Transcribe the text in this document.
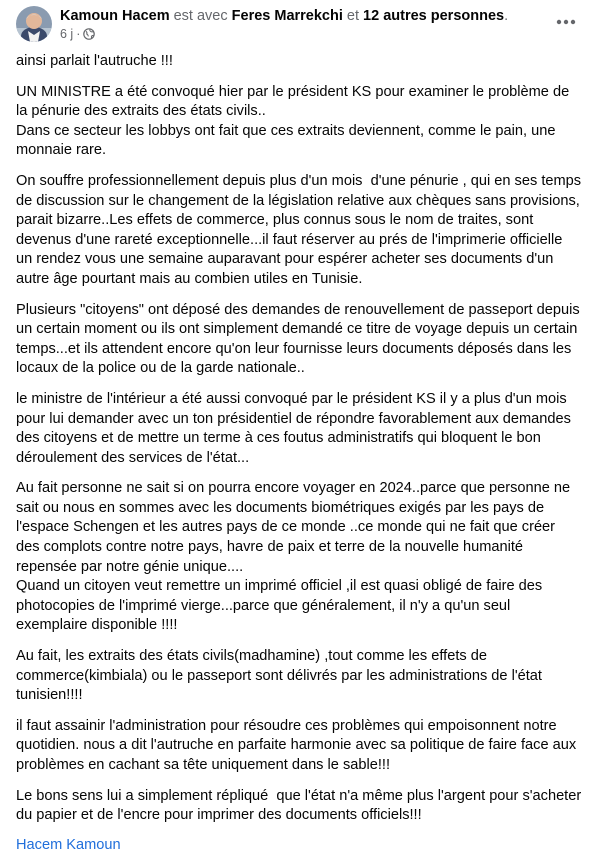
Kamoun Hacem est avec Feres Marrekchi et 12 autres personnes.
6 j ·

ainsi parlait l'autruche !!!

UN MINISTRE a été convoqué hier par le président KS pour examiner le problème de la pénurie des extraits des états civils..
Dans ce secteur les lobbys ont fait que ces extraits deviennent, comme le pain, une monnaie rare.

On souffre professionnellement depuis plus d'un mois  d'une pénurie , qui en ses temps de discussion sur le changement de la législation relative aux chèques sans provisions, parait bizarre..Les effets de commerce, plus connus sous le nom de traites, sont devenus d'une rareté exceptionnelle...il faut réserver au prés de l'imprimerie officielle un rendez vous une semaine auparavant pour espérer acheter ses documents d'un autre âge pourtant mais au combien utiles en Tunisie.

Plusieurs "citoyens" ont déposé des demandes de renouvellement de passeport depuis un certain moment ou ils ont simplement demandé ce titre de voyage depuis un certain temps...et ils attendent encore qu'on leur fournisse leurs documents déposés dans les locaux de la police ou de la garde nationale..

le ministre de l'intérieur a été aussi convoqué par le président KS il y a plus d'un mois pour lui demander avec un ton présidentiel de répondre favorablement aux demandes des citoyens et de mettre un terme à ces foutus administratifs qui bloquent le bon déroulement des services de l'état...

Au fait personne ne sait si on pourra encore voyager en 2024..parce que personne ne sait ou nous en sommes avec les documents biométriques exigés par les pays de  l'espace Schengen et les autres pays de ce monde ..ce monde qui ne fait que créer des complots contre notre pays, havre de paix et terre de la nouvelle humanité repensée par notre génie unique....
Quand un citoyen veut remettre un imprimé officiel ,il est quasi obligé de faire des photocopies de l'imprimé vierge...parce que généralement, il n'y a qu'un seul exemplaire disponible !!!!

Au fait, les extraits des états civils(madhamine) ,tout comme les effets de commerce(kimbiala) ou le passeport sont délivrés par les administrations de l'état tunisien!!!!

il faut assainir l'administration pour résoudre ces problèmes qui empoisonnent notre quotidien. nous a dit l'autruche en parfaite harmonie avec sa politique de faire face aux problèmes en cachant sa tête uniquement dans le sable!!!

Le bons sens lui a simplement répliqué  que l'état n'a même plus l'argent pour s'acheter du papier et de l'encre pour imprimer des documents officiels!!!

Hacem Kamoun
